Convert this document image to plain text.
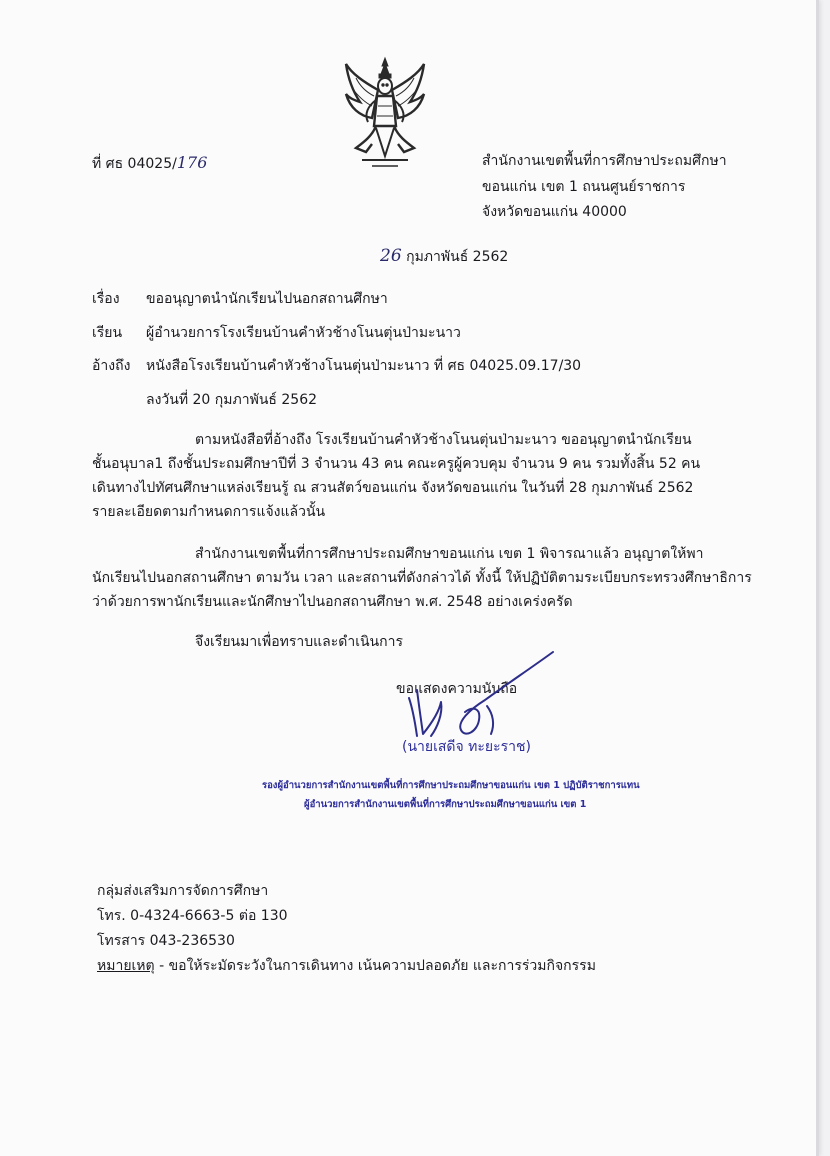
ที่ ศธ 04025/176	สำนักงานเขตพื้นที่การศึกษาประถมศึกษา
ขอนแก่น เขต 1 ถนนศูนย์ราชการ
จังหวัดขอนแก่น 40000
26 กุมภาพันธ์ 2562
เรื่อง ขออนุญาตนำนักเรียนไปนอกสถานศึกษา
เรียน ผู้อำนวยการโรงเรียนบ้านคำหัวช้างโนนตุ่นป่ามะนาว
อ้างถึง หนังสือโรงเรียนบ้านคำหัวช้างโนนตุ่นป่ามะนาว ที่ ศธ 04025.09.17/30
ลงวันที่ 20 กุมภาพันธ์ 2562
ตามหนังสือที่อ้างถึง โรงเรียนบ้านคำหัวช้างโนนตุ่นป่ามะนาว ขออนุญาตนำนักเรียน
ชั้นอนุบาล1 ถึงชั้นประถมศึกษาปีที่ 3 จำนวน 43 คน คณะครูผู้ควบคุม จำนวน 9 คน รวมทั้งสิ้น 52 คน
เดินทางไปทัศนศึกษาแหล่งเรียนรู้ ณ สวนสัตว์ขอนแก่น จังหวัดขอนแก่น ในวันที่ 28 กุมภาพันธ์ 2562
รายละเอียดตามกำหนดการแจ้งแล้วนั้น
สำนักงานเขตพื้นที่การศึกษาประถมศึกษาขอนแก่น เขต 1 พิจารณาแล้ว อนุญาตให้พา
นักเรียนไปนอกสถานศึกษา ตามวัน เวลา และสถานที่ดังกล่าวได้ ทั้งนี้ ให้ปฏิบัติตามระเบียบกระทรวงศึกษาธิการ
ว่าด้วยการพานักเรียนและนักศึกษาไปนอกสถานศึกษา พ.ศ. 2548 อย่างเคร่งครัด
จึงเรียนมาเพื่อทราบและดำเนินการ
ขอแสดงความนับถือ
(นายเสดีจ ทะยะราช)
รองผู้อำนวยการสำนักงานเขตพื้นที่การศึกษาประถมศึกษาขอนแก่น เขต 1 ปฏิบัติราชการแทน
ผู้อำนวยการสำนักงานเขตพื้นที่การศึกษาประถมศึกษาขอนแก่น เขต 1
กลุ่มส่งเสริมการจัดการศึกษา
โทร. 0-4324-6663-5 ต่อ 130
โทรสาร 043-236530
หมายเหตุ - ขอให้ระมัดระวังในการเดินทาง เน้นความปลอดภัย และการร่วมกิจกรรม
